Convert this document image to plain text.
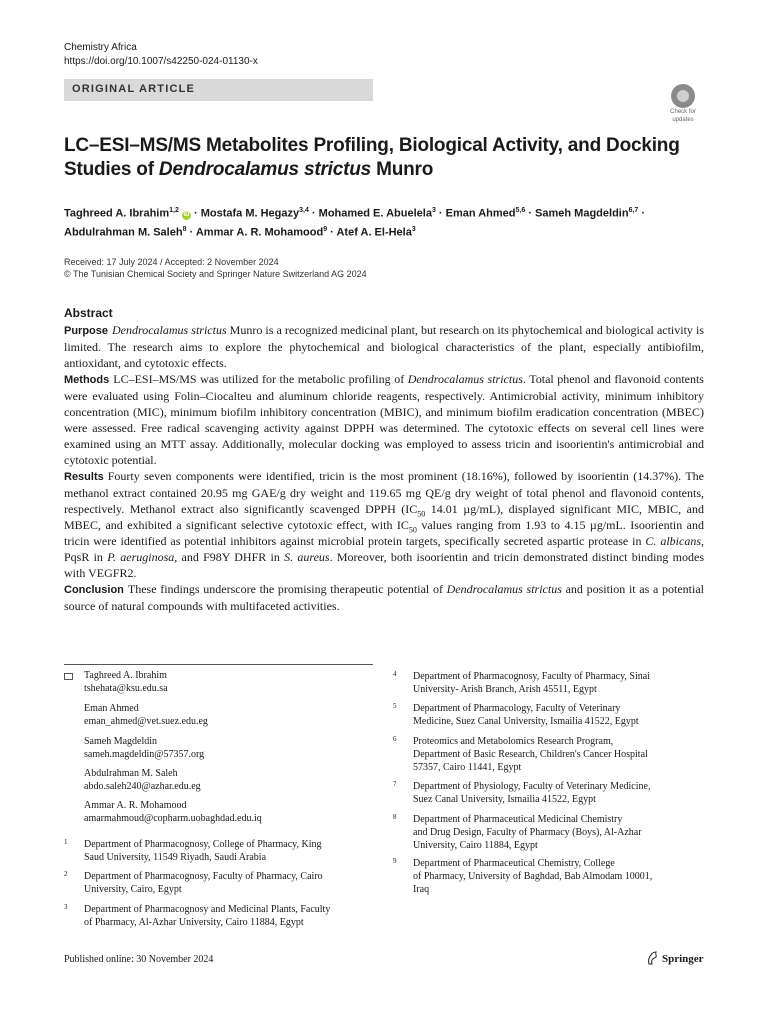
Chemistry Africa
https://doi.org/10.1007/s42250-024-01130-x
ORIGINAL ARTICLE
Check for
updates
LC–ESI–MS/MS Metabolites Profiling, Biological Activity, and Docking Studies of Dendrocalamus strictus Munro
Taghreed A. Ibrahim$^{1,2}$ iD · Mostafa M. Hegazy$^{3,4}$ · Mohamed E. Abuelela$^3$ · Eman Ahmed$^{5,6}$ · Sameh Magdeldin$^{6,7}$ ·
Abdulrahman M. Saleh$^8$ · Ammar A. R. Mohamood$^9$ · Atef A. El-Hela$^3$
Received: 17 July 2024 / Accepted: 2 November 2024
© The Tunisian Chemical Society and Springer Nature Switzerland AG 2024
Abstract

Purpose Dendrocalamus strictus Munro is a recognized medicinal plant, but research on its phytochemical and biological activity is limited. The research aims to explore the phytochemical and biological characteristics of the plant, especially antibiofilm, antioxidant, and cytotoxic effects.

Methods LC–ESI–MS/MS was utilized for the metabolic profiling of Dendrocalamus strictus. Total phenol and flavonoid contents were evaluated using Folin–Ciocalteu and aluminum chloride reagents, respectively. Antimicrobial activity, minimum inhibitory concentration (MIC), minimum biofilm inhibitory concentration (MBIC), and minimum biofilm eradication concentration (MBEC) were assessed. Free radical scavenging activity against DPPH was determined. The cytotoxic effects on several cell lines were examined using an MTT assay. Additionally, molecular docking was employed to assess tricin and isoorientin's antimicrobial and cytotoxic potential.

Results Fourty seven components were identified, tricin is the most prominent (18.16%), followed by isoorientin (14.37%). The methanol extract contained 20.95 mg GAE/g dry weight and 119.65 mg QE/g dry weight of total phenol and flavonoid contents, respectively. Methanol extract also significantly scavenged DPPH ($IC_{50}$ 14.01 µg/mL), displayed significant MIC, MBIC, and MBEC, and exhibited a significant selective cytotoxic effect, with $IC_{50}$ values ranging from 1.93 to 4.15 µg/mL. Isoorientin and tricin were identified as potential inhibitors against microbial protein targets, specifically secreted aspartic protease in C. albicans, PqsR in P. aeruginosa, and F98Y DHFR in S. aureus. Moreover, both isoorientin and tricin demonstrated distinct binding modes with VEGFR2.

Conclusion These findings underscore the promising therapeutic potential of Dendrocalamus strictus and position it as a potential source of natural compounds with multifaceted activities.

Taghreed A. Ibrahim
tshehata@ksu.edu.sa
Eman Ahmed
eman_ahmed@vet.suez.edu.eg
Sameh Magdeldin
sameh.magdeldin@57357.org
Abdulrahman M. Saleh
abdo.saleh240@azhar.edu.eg
Ammar A. R. Mohamood
amarmahmoud@copharm.uobaghdad.edu.iq
1 Department of Pharmacognosy, College of Pharmacy, King
Saud University, 11549 Riyadh, Saudi Arabia
2 Department of Pharmacognosy, Faculty of Pharmacy, Cairo
University, Cairo, Egypt
3 Department of Pharmacognosy and Medicinal Plants, Faculty
of Pharmacy, Al-Azhar University, Cairo 11884, Egypt
4 Department of Pharmacognosy, Faculty of Pharmacy, Sinai
University- Arish Branch, Arish 45511, Egypt
5 Department of Pharmacology, Faculty of Veterinary
Medicine, Suez Canal University, Ismailia 41522, Egypt
6 Proteomics and Metabolomics Research Program,
Department of Basic Research, Children's Cancer Hospital
57357, Cairo 11441, Egypt
7 Department of Physiology, Faculty of Veterinary Medicine,
Suez Canal University, Ismailia 41522, Egypt
8 Department of Pharmaceutical Medicinal Chemistry
and Drug Design, Faculty of Pharmacy (Boys), Al-Azhar
University, Cairo 11884, Egypt
9 Department of Pharmaceutical Chemistry, College
of Pharmacy, University of Baghdad, Bab Almodam 10001,
Iraq
Published online: 30 November 2024	Springer
